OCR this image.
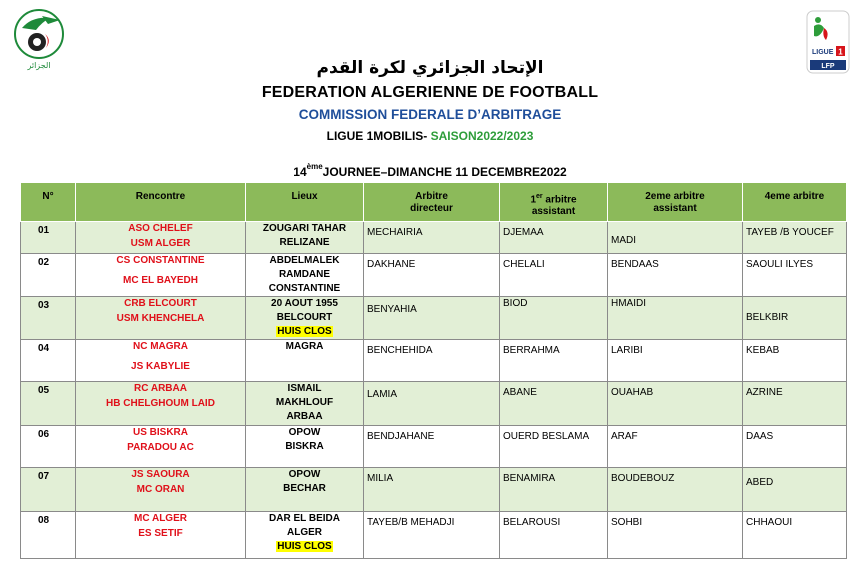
الجزائر
LIGUE 1
LFP
الإتحاد الجزائري لكرة القدم
FEDERATION ALGERIENNE DE FOOTBALL
COMMISSION FEDERALE D’ARBITRAGE
LIGUE 1MOBILIS- SAISON2022/2023
14èmeJOURNEE–DIMANCHE 11 DECEMBRE2022
N°	Rencontre	Lieux	Arbitre
directeur	1er arbitre
assistant	2eme arbitre
assistant	4eme arbitre

01	ASO CHELEF
USM ALGER	ZOUGARI TAHAR
RELIZANE	MECHAIRIA	DJEMAA	MADI	TAYEB /B YOUCEF

02	CS CONSTANTINE
MC EL BAYEDH	ABDELMALEK
RAMDANE
CONSTANTINE	DAKHANE	CHELALI	BENDAAS	SAOULI ILYES

03	CRB ELCOURT
USM KHENCHELA	20 AOUT 1955
BELCOURT
HUIS CLOS	BENYAHIA	BIOD	HMAIDI	BELKBIR

04	NC MAGRA
JS KABYLIE	MAGRA	BENCHEHIDA	BERRAHMA	LARIBI	KEBAB

05	RC ARBAA
HB CHELGHOUM LAID	ISMAIL
MAKHLOUF
ARBAA	LAMIA	ABANE	OUAHAB	AZRINE

06	US BISKRA
PARADOU AC	OPOW
BISKRA	BENDJAHANE	OUERD BESLAMA	ARAF	DAAS

07	JS SAOURA
MC ORAN	OPOW
BECHAR	MILIA	BENAMIRA	BOUDEBOUZ	ABED

08	MC ALGER
ES SETIF	DAR EL BEIDA
ALGER
HUIS CLOS	TAYEB/B MEHADJI	BELAROUSI	SOHBI	CHHAOUI
